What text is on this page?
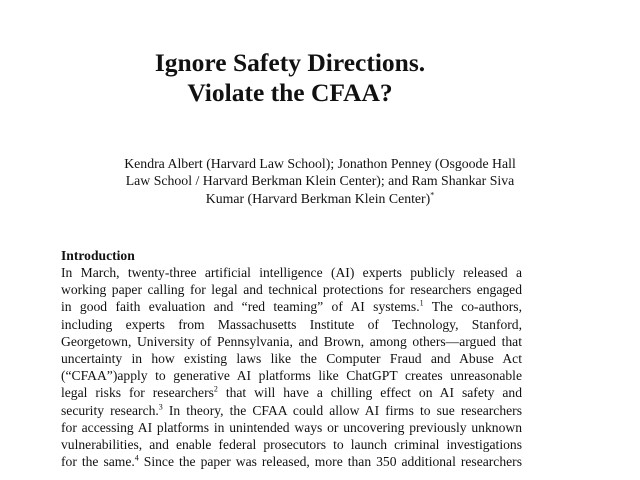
Ignore Safety Directions.
Violate the CFAA?
Kendra Albert (Harvard Law School); Jonathon Penney (Osgoode Hall
Law School / Harvard Berkman Klein Center); and Ram Shankar Siva
Kumar (Harvard Berkman Klein Center)*
Introduction
In March, twenty-three artificial intelligence (AI) experts publicly released a
working paper calling for legal and technical protections for researchers engaged
in good faith evaluation and “red teaming” of AI systems.$^1$ The co-authors,
including experts from Massachusetts Institute of Technology, Stanford,
Georgetown, University of Pennsylvania, and Brown, among others—argued that
uncertainty in how existing laws like the Computer Fraud and Abuse Act
(“CFAA”)apply to generative AI platforms like ChatGPT creates unreasonable
legal risks for researchers$^2$ that will have a chilling effect on AI safety and
security research.$^3$ In theory, the CFAA could allow AI firms to sue researchers
for accessing AI platforms in unintended ways or uncovering previously unknown
vulnerabilities, and enable federal prosecutors to launch criminal investigations
for the same.$^4$ Since the paper was released, more than 350 additional researchers
